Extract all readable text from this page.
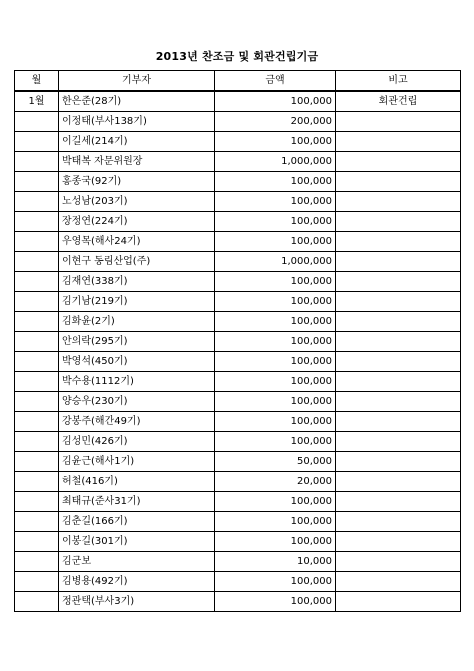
2013년 찬조금 및 회관건립기금
월	기부자	금액	비고
1월	한은준(28기)	100,000	회관건립
	이정태(부사138기)	200,000	
	이길세(214기)	100,000	
	박태복 자문위원장	1,000,000	
	홍종국(92기)	100,000	
	노성남(203기)	100,000	
	장정연(224기)	100,000	
	우영목(해사24기)	100,000	
	이현구 동림산업(주)	1,000,000	
	김재연(338기)	100,000	
	김기남(219기)	100,000	
	김화윤(2기)	100,000	
	안의락(295기)	100,000	
	박영석(450기)	100,000	
	박수용(1112기)	100,000	
	양승우(230기)	100,000	
	강봉주(해간49기)	100,000	
	김성민(426기)	100,000	
	김윤근(해사1기)	50,000	
	허철(416기)	20,000	
	최태규(준사31기)	100,000	
	김춘길(166기)	100,000	
	이봉길(301기)	100,000	
	김군보	10,000	
	김병용(492기)	100,000	
	정관택(부사3기)	100,000	
